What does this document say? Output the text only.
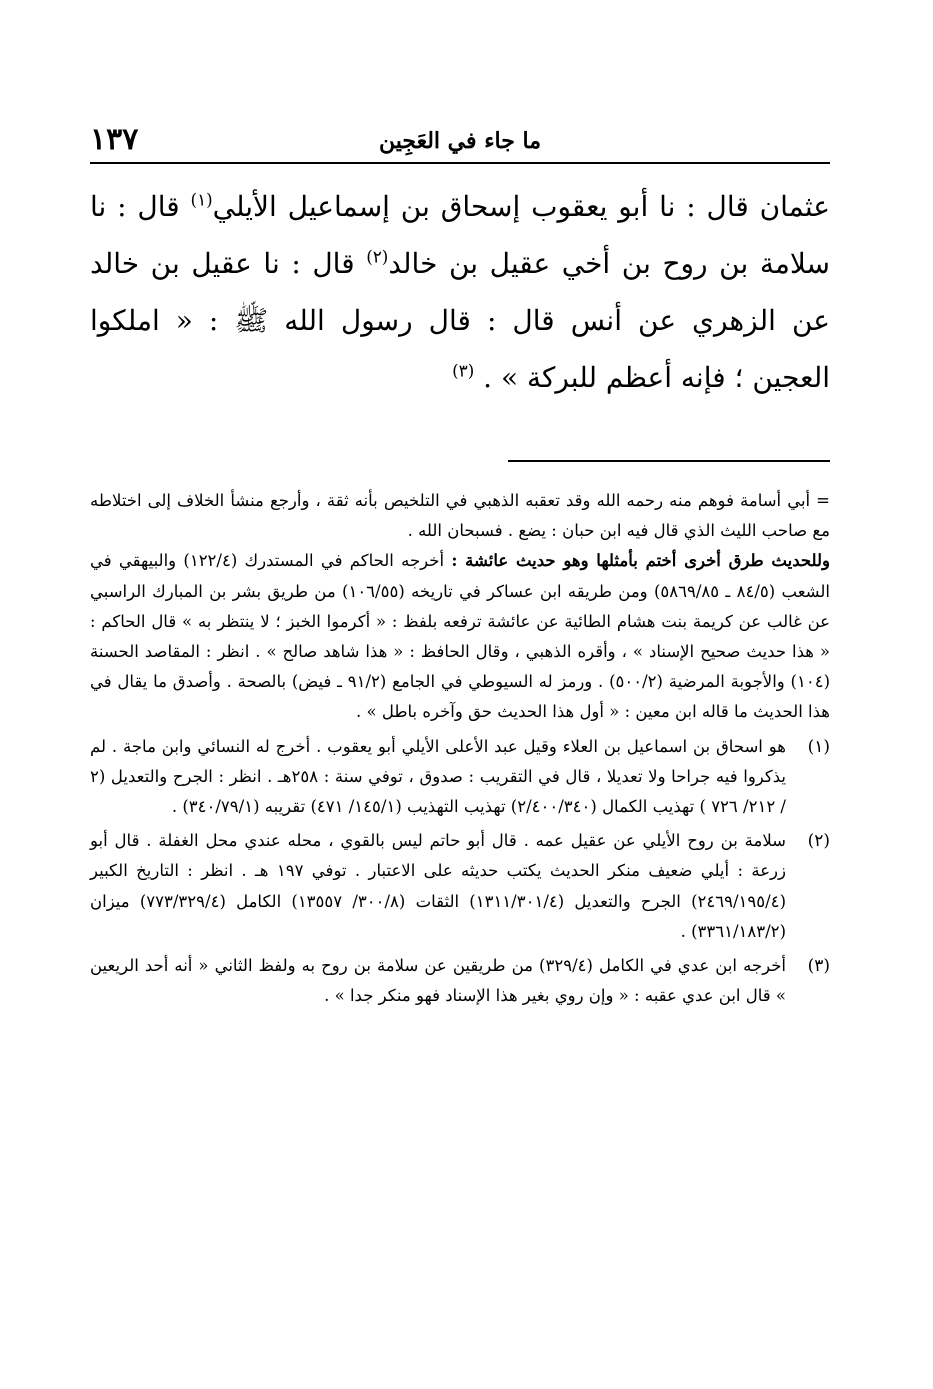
١٣٧	ما جاء في العَجِين

عثمان قال : نا أبو يعقوب إسحاق بن إسماعيل الأيلي$^{(١)}$ قال : نا سلامة بن روح بن أخي عقيل بن خالد$^{(٢)}$ قال : نا عقيل بن خالد عن الزهري عن أنس قال : قال رسول الله ﷺ : « املكوا العجين ؛ فإنه أعظم للبركة » . $^{(٣)}$

= أبي أسامة فوهم منه رحمه الله وقد تعقبه الذهبي في التلخيص بأنه ثقة ، وأرجع منشأ الخلاف إلى اختلاطه مع صاحب الليث الذي قال فيه ابن حبان : يضع . فسبحان الله .

وللحديث طرق أخرى أختم بأمثلها وهو حديث عائشة : أخرجه الحاكم في المستدرك (١٢٢/٤) والبيهقي في الشعب (٨٤/٥ ـ ٥٨٦٩/٨٥) ومن طريقه ابن عساكر في تاريخه (١٠٦/٥٥) من طريق بشر بن المبارك الراسبي عن غالب عن كريمة بنت هشام الطائية عن عائشة ترفعه بلفظ : « أكرموا الخبز ؛ لا ينتظر به » قال الحاكم : « هذا حديث صحيح الإسناد » ، وأقره الذهبي ، وقال الحافظ : « هذا شاهد صالح » . انظر : المقاصد الحسنة (١٠٤) والأجوبة المرضية (٥٠٠/٢) . ورمز له السيوطي في الجامع (٩١/٢ ـ فيض) بالصحة . وأصدق ما يقال في هذا الحديث ما قاله ابن معين : « أول هذا الحديث حق وآخره باطل » .

(١)
هو اسحاق بن اسماعيل بن العلاء وقيل عبد الأعلى الأيلي أبو يعقوب . أخرج له النسائي وابن ماجة . لم يذكروا فيه جراحا ولا تعديلا ، قال في التقريب : صدوق ، توفي سنة : ٢٥٨هـ . انظر : الجرح والتعديل (٢ / ٢١٢/ ٧٢٦ ) تهذيب الكمال (٢/٤٠٠/٣٤٠) تهذيب التهذيب (١٤٥/١/ ٤٧١) تقريبه (٣٤٠/٧٩/١) .
(٢)
سلامة بن روح الأيلي عن عقيل عمه . قال أبو حاتم ليس بالقوي ، محله عندي محل الغفلة . قال أبو زرعة : أيلي ضعيف منكر الحديث يكتب حديثه على الاعتبار . توفي ١٩٧ هـ . انظر : التاريخ الكبير (٢٤٦٩/١٩٥/٤) الجرح والتعديل (١٣١١/٣٠١/٤) الثقات (٣٠٠/٨/ ١٣٥٥٧) الكامل (٧٧٣/٣٢٩/٤) ميزان (٣٣٦١/١٨٣/٢) .
(٣)
أخرجه ابن عدي في الكامل (٣٢٩/٤) من طريقين عن سلامة بن روح به ولفظ الثاني « أنه أحد الريعين » قال ابن عدي عقبه : « وإن روي بغير هذا الإسناد فهو منكر جدا » .
